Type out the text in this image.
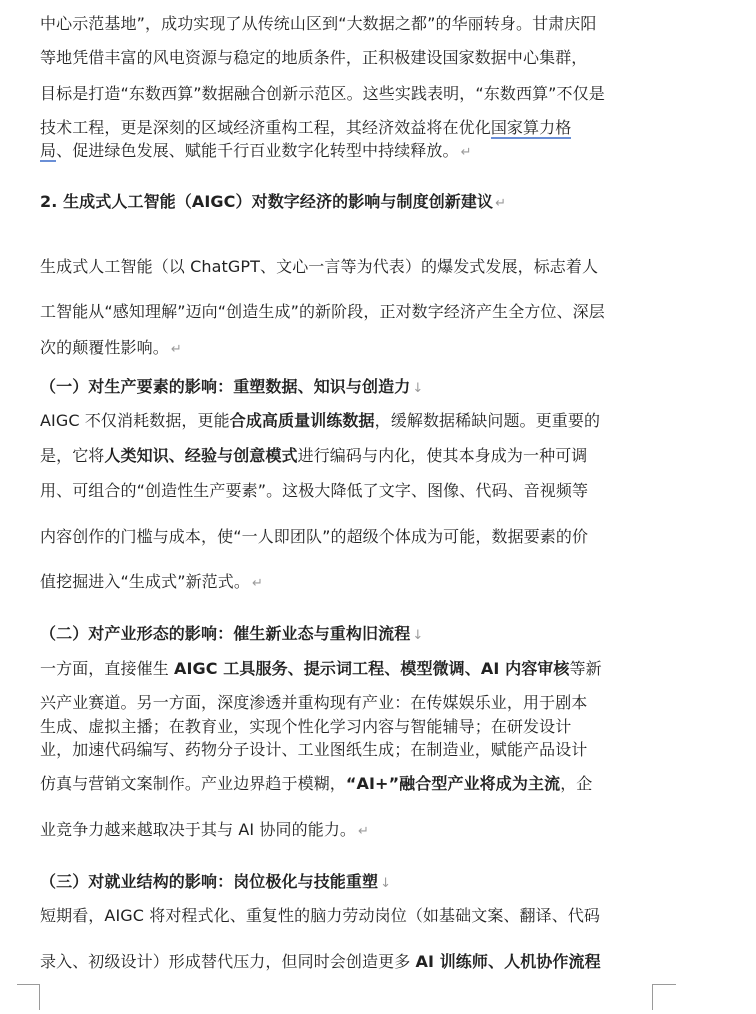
中心示范基地”，成功实现了从传统山区到“大数据之都”的华丽转身。甘肃庆阳
等地凭借丰富的风电资源与稳定的地质条件，正积极建设国家数据中心集群，
目标是打造“东数西算”数据融合创新示范区。这些实践表明，“东数西算”不仅是
技术工程，更是深刻的区域经济重构工程，其经济效益将在优化国家算力格
局、促进绿色发展、赋能千行百业数字化转型中持续释放。 ↵
2. 生成式人工智能（AIGC）对数字经济的影响与制度创新建议 ↵
生成式人工智能（以 ChatGPT、文心一言等为代表）的爆发式发展，标志着人
工智能从“感知理解”迈向“创造生成”的新阶段，正对数字经济产生全方位、深层
次的颠覆性影响。 ↵
（一）对生产要素的影响：重塑数据、知识与创造力 ↓
AIGC 不仅消耗数据，更能合成高质量训练数据，缓解数据稀缺问题。更重要的
是，它将人类知识、经验与创意模式进行编码与内化，使其本身成为一种可调
用、可组合的“创造性生产要素”。这极大降低了文字、图像、代码、音视频等
内容创作的门槛与成本，使“一人即团队”的超级个体成为可能，数据要素的价
值挖掘进入“生成式”新范式。 ↵
（二）对产业形态的影响：催生新业态与重构旧流程 ↓
一方面，直接催生 AIGC 工具服务、提示词工程、模型微调、AI 内容审核等新
兴产业赛道。另一方面，深度渗透并重构现有产业：在传媒娱乐业，用于剧本
生成、虚拟主播；在教育业，实现个性化学习内容与智能辅导；在研发设计
业，加速代码编写、药物分子设计、工业图纸生成；在制造业，赋能产品设计
仿真与营销文案制作。产业边界趋于模糊，“AI+”融合型产业将成为主流，企
业竞争力越来越取决于其与 AI 协同的能力。 ↵
（三）对就业结构的影响：岗位极化与技能重塑 ↓
短期看，AIGC 将对程式化、重复性的脑力劳动岗位（如基础文案、翻译、代码
录入、初级设计）形成替代压力，但同时会创造更多 AI 训练师、人机协作流程
